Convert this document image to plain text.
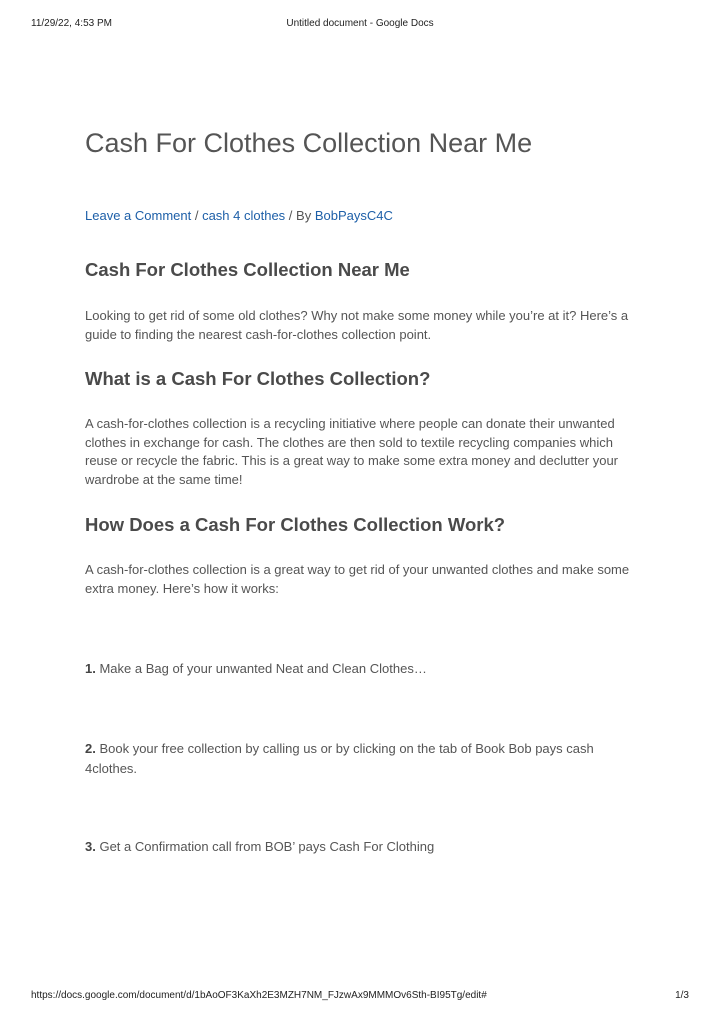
11/29/22, 4:53 PM	Untitled document - Google Docs
Cash For Clothes Collection Near Me
Leave a Comment / cash 4 clothes / By BobPaysC4C
Cash For Clothes Collection Near Me

Looking to get rid of some old clothes? Why not make some money while you’re at it? Here’s a guide to finding the nearest cash-for-clothes collection point.

What is a Cash For Clothes Collection?

A cash-for-clothes collection is a recycling initiative where people can donate their unwanted clothes in exchange for cash. The clothes are then sold to textile recycling companies which reuse or recycle the fabric. This is a great way to make some extra money and declutter your wardrobe at the same time!

How Does a Cash For Clothes Collection Work?

A cash-for-clothes collection is a great way to get rid of your unwanted clothes and make some extra money. Here’s how it works:

1. Make a Bag of your unwanted Neat and Clean Clothes…

2. Book your free collection by calling us or by clicking on the tab of Book Bob pays cash 4clothes.

3. Get a Confirmation call from BOB’ pays Cash For Clothing

https://docs.google.com/document/d/1bAoOF3KaXh2E3MZH7NM_FJzwAx9MMMOv6Sth-BI95Tg/edit#	1/3
